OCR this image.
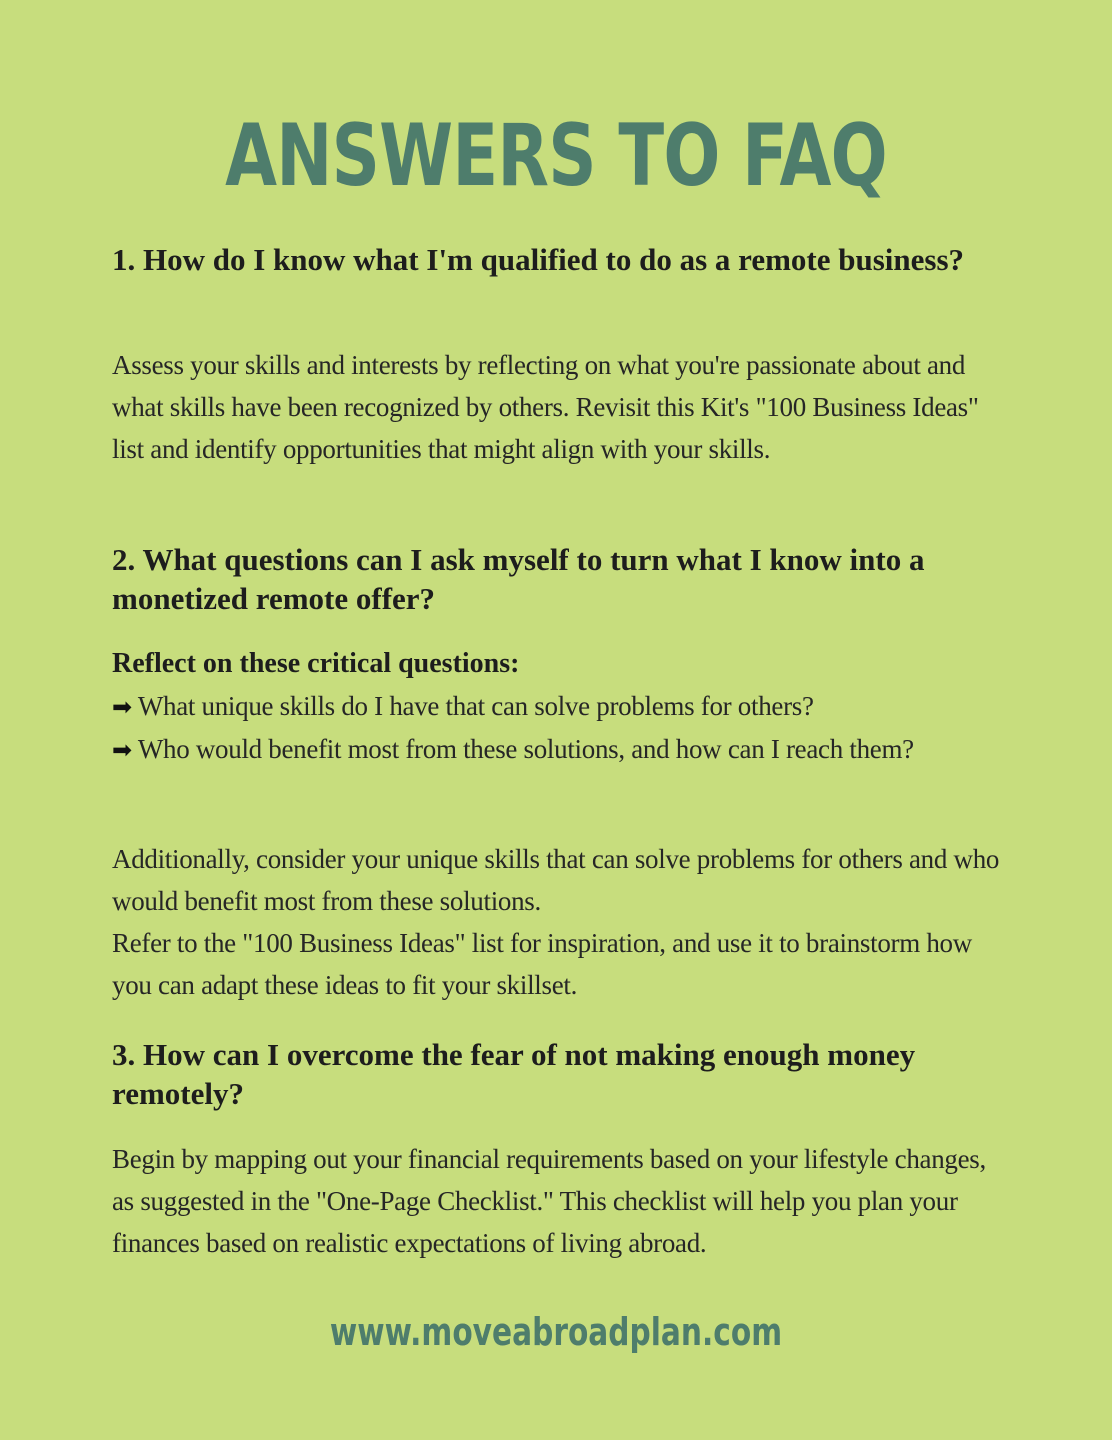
ANSWERS TO FAQ
1. How do I know what I'm qualified to do as a remote business?
Assess your skills and interests by reflecting on what you're passionate about and what skills have been recognized by others. Revisit this Kit's "100 Business Ideas" list and identify opportunities that might align with your skills.
2. What questions can I ask myself to turn what I know into a monetized remote offer?
Reflect on these critical questions:
➡ What unique skills do I have that can solve problems for others?
➡ Who would benefit most from these solutions, and how can I reach them?
Additionally, consider your unique skills that can solve problems for others and who would benefit most from these solutions.
Refer to the "100 Business Ideas" list for inspiration, and use it to brainstorm how you can adapt these ideas to fit your skillset.
3. How can I overcome the fear of not making enough money remotely?
Begin by mapping out your financial requirements based on your lifestyle changes, as suggested in the "One-Page Checklist." This checklist will help you plan your finances based on realistic expectations of living abroad.
www.moveabroadplan.com
